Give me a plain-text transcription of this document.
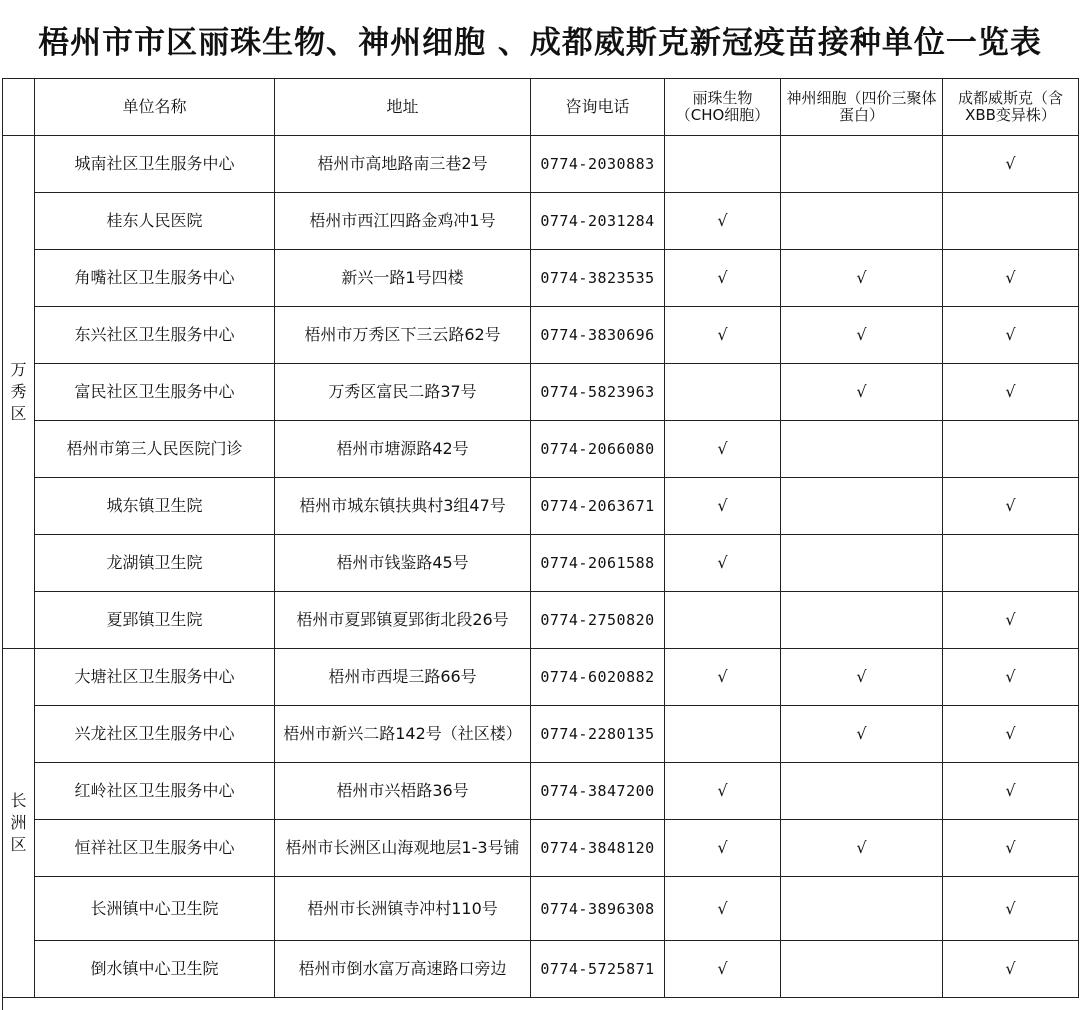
梧州市市区丽珠生物、神州细胞 、成都威斯克新冠疫苗接种单位一览表
	单位名称	地址	咨询电话	丽珠生物（CHO细胞）	神州细胞（四价三聚体蛋白）	成都威斯克（含XBB变异株）

万
秀
区	城南社区卫生服务中心	梧州市高地路南三巷2号	0774-2030883			√
	桂东人民医院	梧州市西江四路金鸡冲1号	0774-2031284	√		
	角嘴社区卫生服务中心	新兴一路1号四楼	0774-3823535	√	√	√
	东兴社区卫生服务中心	梧州市万秀区下三云路62号	0774-3830696	√	√	√
	富民社区卫生服务中心	万秀区富民二路37号	0774-5823963		√	√
	梧州市第三人民医院门诊	梧州市塘源路42号	0774-2066080	√		
	城东镇卫生院	梧州市城东镇扶典村3组47号	0774-2063671	√		√
	龙湖镇卫生院	梧州市钱鉴路45号	0774-2061588	√		
	夏郢镇卫生院	梧州市夏郢镇夏郢街北段26号	0774-2750820			√

长
洲
区	大塘社区卫生服务中心	梧州市西堤三路66号	0774-6020882	√	√	√
	兴龙社区卫生服务中心	梧州市新兴二路142号（社区楼）	0774-2280135		√	√
	红岭社区卫生服务中心	梧州市兴梧路36号	0774-3847200	√		√
	恒祥社区卫生服务中心	梧州市长洲区山海观地层1-3号铺	0774-3848120	√	√	√
	长洲镇中心卫生院	梧州市长洲镇寺冲村110号	0774-3896308	√		√
	倒水镇中心卫生院	梧州市倒水富万高速路口旁边	0774-5725871	√		√
